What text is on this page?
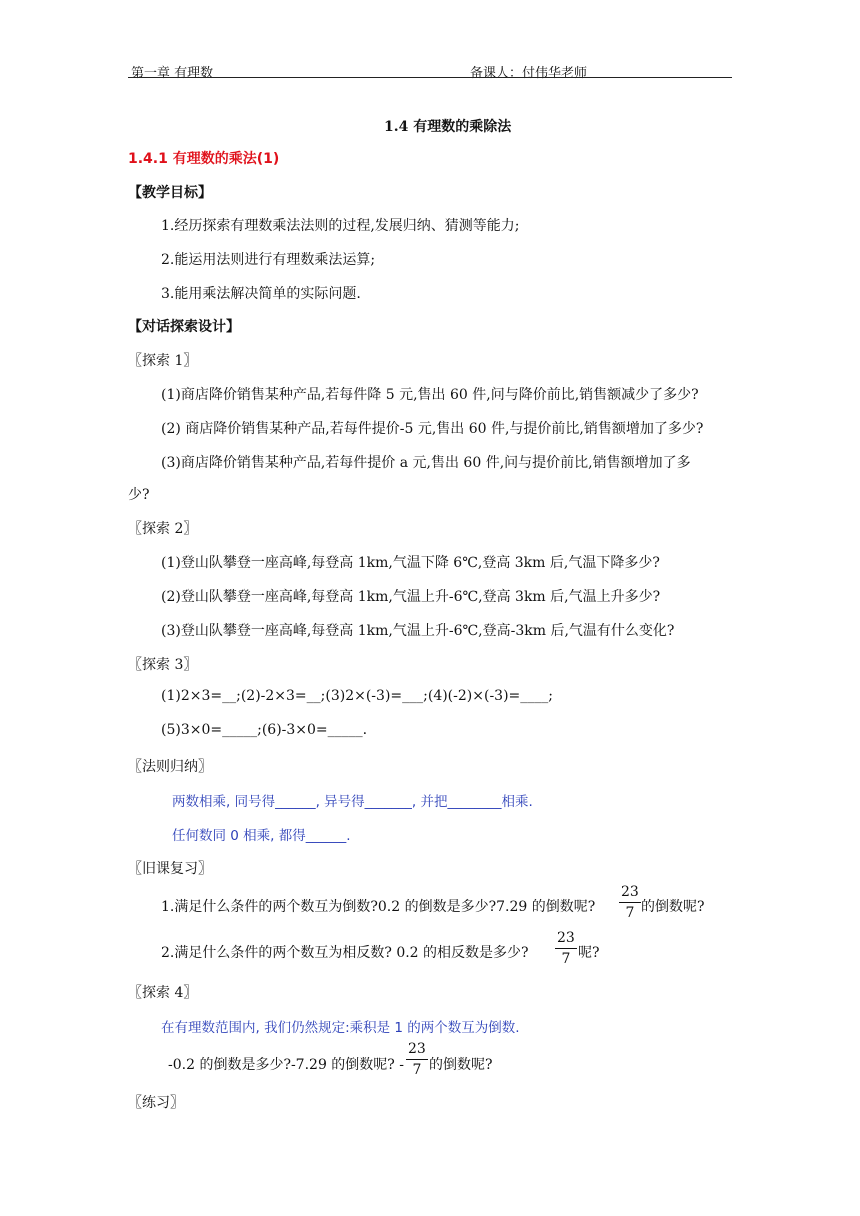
第一章 有理数	备课人：付伟华老师
1.4 有理数的乘除法
1.4.1 有理数的乘法(1)
【教学目标】
1.经历探索有理数乘法法则的过程,发展归纳、猜测等能力;
2.能运用法则进行有理数乘法运算;
3.能用乘法解决简单的实际问题.
【对话探索设计】
〖探索 1〗
(1)商店降价销售某种产品,若每件降 5 元,售出 60 件,问与降价前比,销售额减少了多少?
(2) 商店降价销售某种产品,若每件提价-5 元,售出 60 件,与提价前比,销售额增加了多少?
(3)商店降价销售某种产品,若每件提价 a 元,售出 60 件,问与提价前比,销售额增加了多
少?
〖探索 2〗
(1)登山队攀登一座高峰,每登高 1km,气温下降 6℃,登高 3km 后,气温下降多少?
(2)登山队攀登一座高峰,每登高 1km,气温上升-6℃,登高 3km 后,气温上升多少?
(3)登山队攀登一座高峰,每登高 1km,气温上升-6℃,登高-3km 后,气温有什么变化?
〖探索 3〗
(1)2×3=__;(2)-2×3=__;(3)2×(-3)=___;(4)(-2)×(-3)=____;
(5)3×0=_____;(6)-3×0=_____.
〖法则归纳〗
两数相乘, 同号得______, 异号得_______, 并把________相乘.
任何数同 0 相乘, 都得______.
〖旧课复习〗
1.满足什么条件的两个数互为倒数?0.2 的倒数是多少?7.29 的倒数呢?
23
7 的倒数呢?
2.满足什么条件的两个数互为相反数? 0.2 的相反数是多少?
23
7 呢?
〖探索 4〗
在有理数范围内, 我们仍然规定:乘积是 1 的两个数互为倒数.
-0.2 的倒数是多少?-7.29 的倒数呢? -
23
7 的倒数呢?
〖练习〗
